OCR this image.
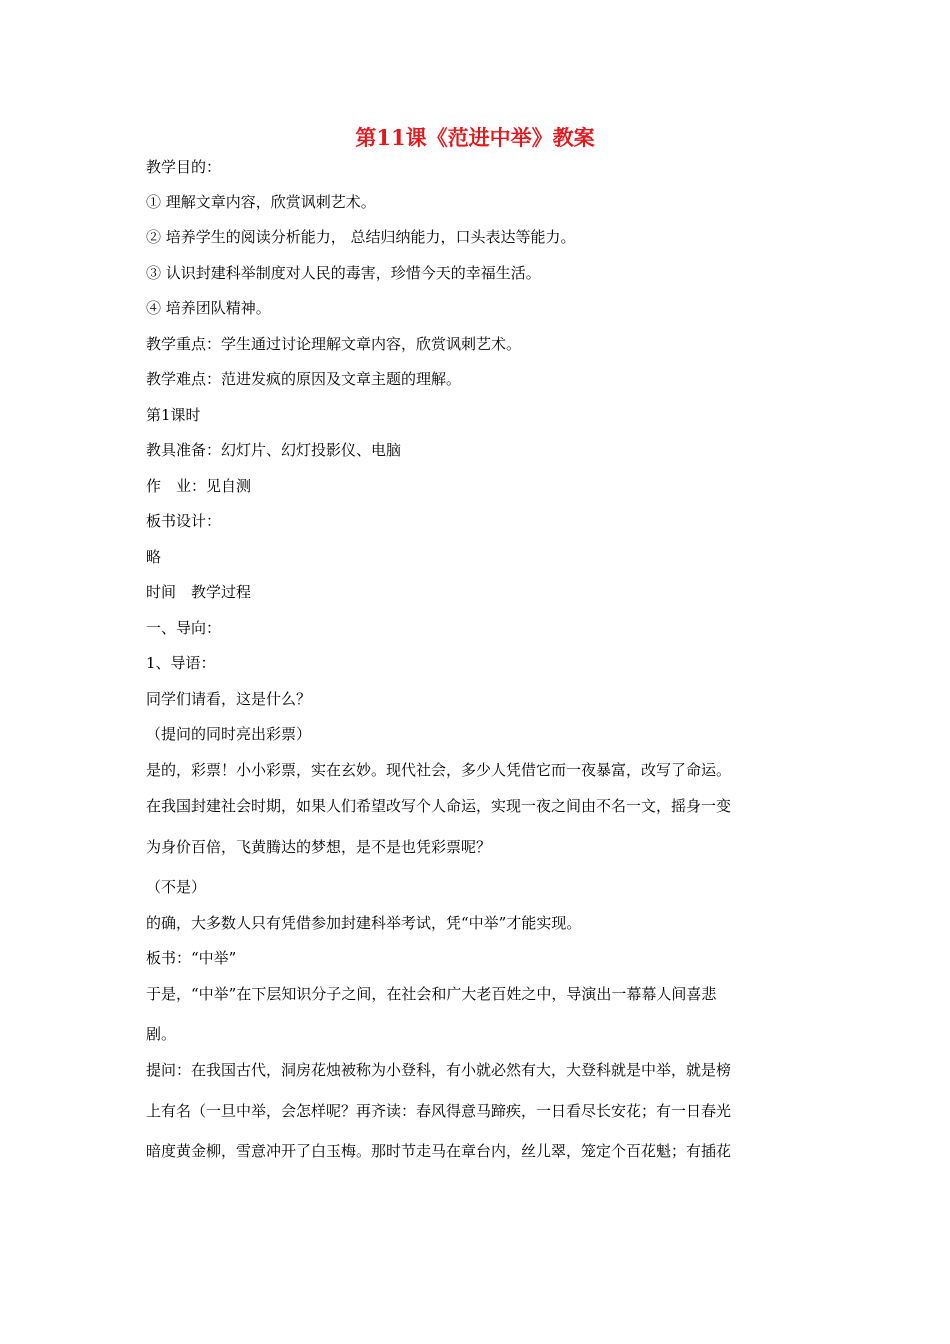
第11课《范进中举》教案
教学目的：
① 理解文章内容，欣赏讽刺艺术。
② 培养学生的阅读分析能力， 总结归纳能力，口头表达等能力。
③ 认识封建科举制度对人民的毒害，珍惜今天的幸福生活。
④ 培养团队精神。
教学重点：学生通过讨论理解文章内容，欣赏讽刺艺术。
教学难点：范进发疯的原因及文章主题的理解。
第1课时
教具准备：幻灯片、幻灯投影仪、电脑
作　业：见自测
板书设计：
略
时间　教学过程
一、导向：
1、导语：
同学们请看，这是什么？
（提问的同时亮出彩票）
是的，彩票！小小彩票，实在玄妙。现代社会，多少人凭借它而一夜暴富，改写了命运。
在我国封建社会时期，如果人们希望改写个人命运，实现一夜之间由不名一文，摇身一变
为身价百倍，飞黄腾达的梦想，是不是也凭彩票呢？
（不是）
的确，大多数人只有凭借参加封建科举考试，凭“中举”才能实现。
板书：“中举”
于是，“中举”在下层知识分子之间，在社会和广大老百姓之中，导演出一幕幕人间喜悲
剧。
提问：在我国古代，洞房花烛被称为小登科，有小就必然有大，大登科就是中举，就是榜
上有名（一旦中举，会怎样呢？再齐读：春风得意马蹄疾，一日看尽长安花；有一日春光
暗度黄金柳，雪意冲开了白玉梅。那时节走马在章台内，丝儿翠，笼定个百花魁；有插花
